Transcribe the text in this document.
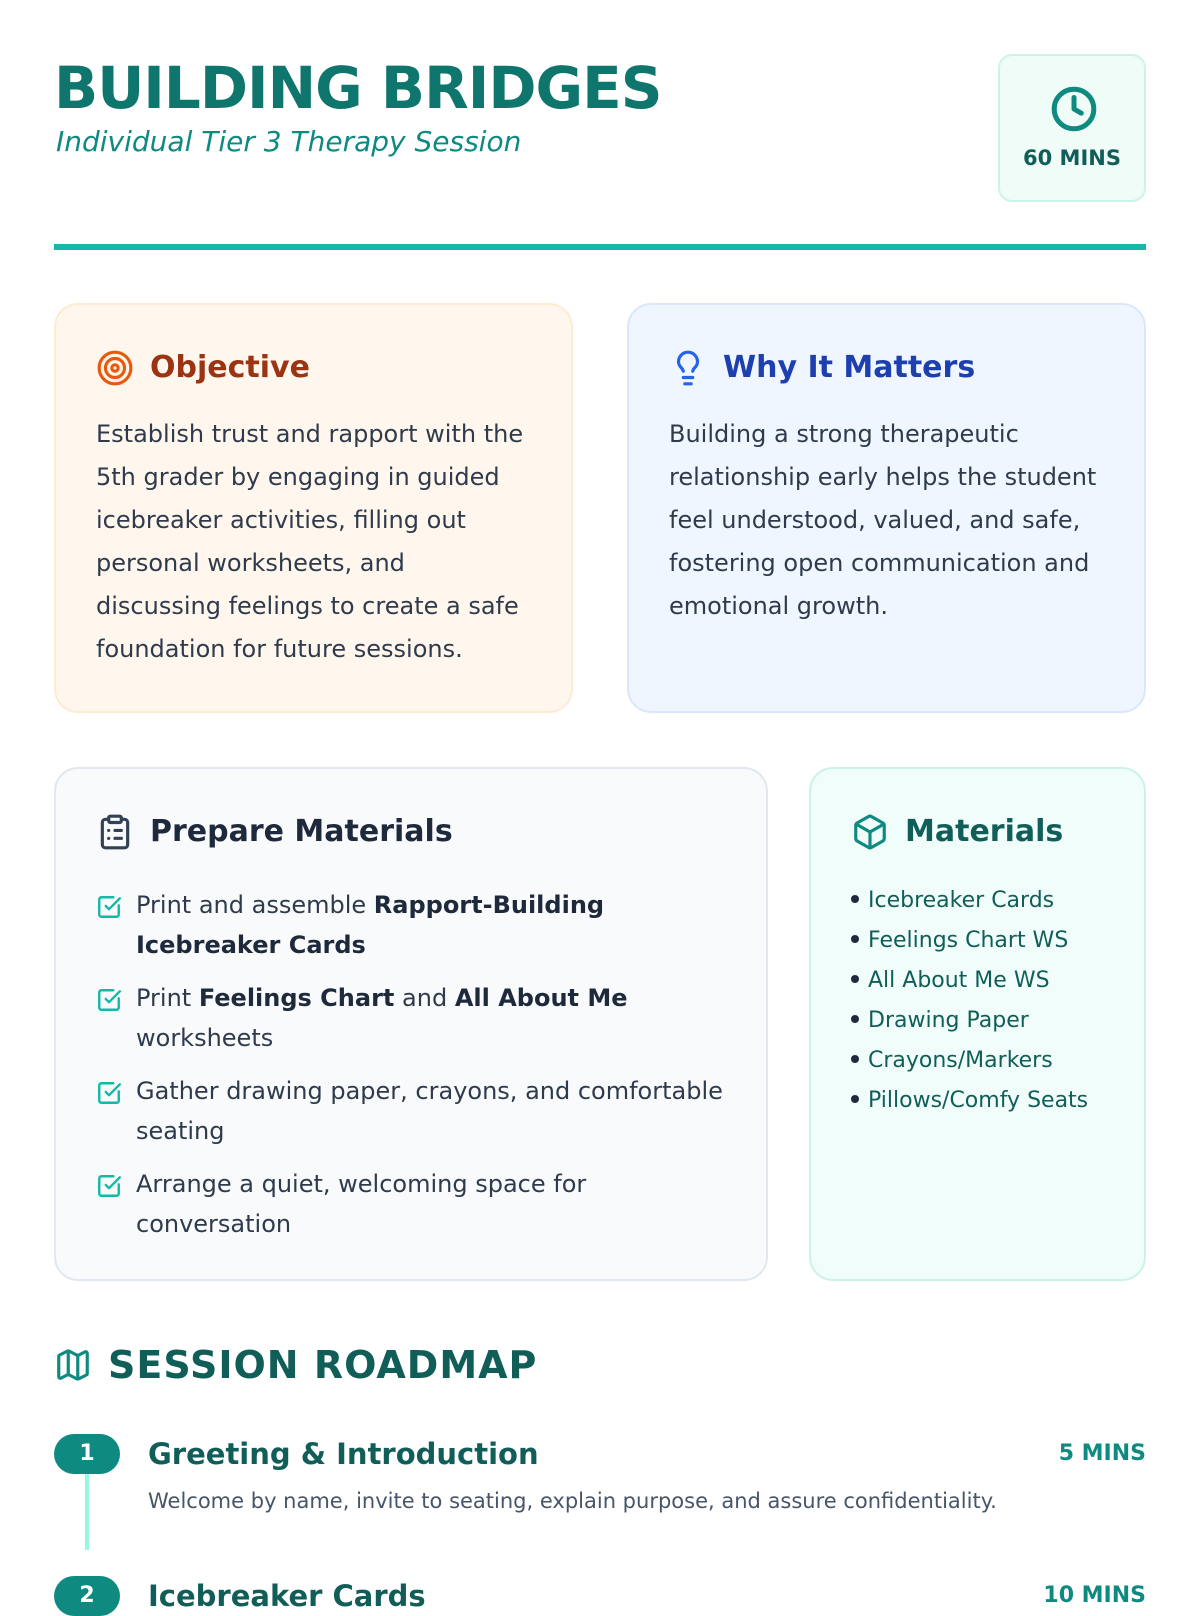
BUILDING BRIDGES

Individual Tier 3 Therapy Session	60 MINS
Objective

Establish trust and rapport with the 5th grader by engaging in guided icebreaker activities, filling out personal worksheets, and discussing feelings to create a safe foundation for future sessions.

Why It Matters

Building a strong therapeutic relationship early helps the student feel understood, valued, and safe, fostering open communication and emotional growth.

Prepare Materials
Print and assemble Rapport-Building Icebreaker Cards
Print Feelings Chart and All About Me worksheets
Gather drawing paper, crayons, and comfortable seating
Arrange a quiet, welcoming space for conversation
Materials
Icebreaker Cards
Feelings Chart WS
All About Me WS
Drawing Paper
Crayons/Markers
Pillows/Comfy Seats
SESSION ROADMAP
1	Greeting & Introduction	5 MINS

Welcome by name, invite to seating, explain purpose, and assure confidentiality.

2	Icebreaker Cards	10 MINS
